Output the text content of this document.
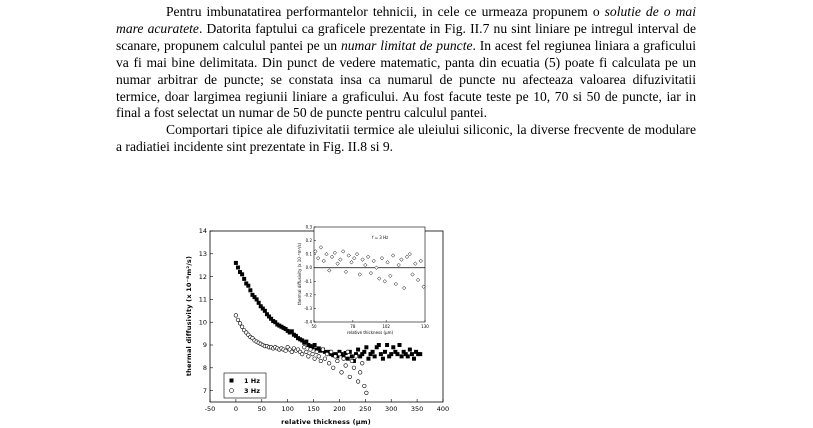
Pentru imbunatatirea performantelor tehnicii, in cele ce urmeaza propunem o solutie de o mai mare acuratete. Datorita faptului ca graficele prezentate in Fig. II.7 nu sint liniare pe intregul interval de scanare, propunem calculul pantei pe un numar limitat de puncte. In acest fel regiunea liniara a graficului va fi mai bine delimitata. Din punct de vedere matematic, panta din ecuatia (5) poate fi calculata pe un numar arbitrar de puncte; se constata insa ca numarul de puncte nu afecteaza valoarea difuzivitatii termice, doar largimea regiunii liniare a graficului. Au fost facute teste pe 10, 70 si 50 de puncte, iar in final a fost selectat un numar de 50 de puncte pentru calculul pantei.

Comportari tipice ale difuzivitatii termice ale uleiului siliconic, la diverse frecvente de modulare a radiatiei incidente sint prezentate in Fig. II.8 si 9.

-50	0	50 100 150 200 250 300 350 400
7
8
9
10
11
12
13
14
relative thickness (μm)
thermal diffusivity (x 10⁻⁸m²/s)
1 Hz
3 Hz
50	78	102	130
0.3
0.2
0.1
0.0
-0.1
-0.2
-0.3
-0.4
f = 3 Hz
relative thickness (μm)
thermal diffusivity (x 10⁻⁸m²/s)
